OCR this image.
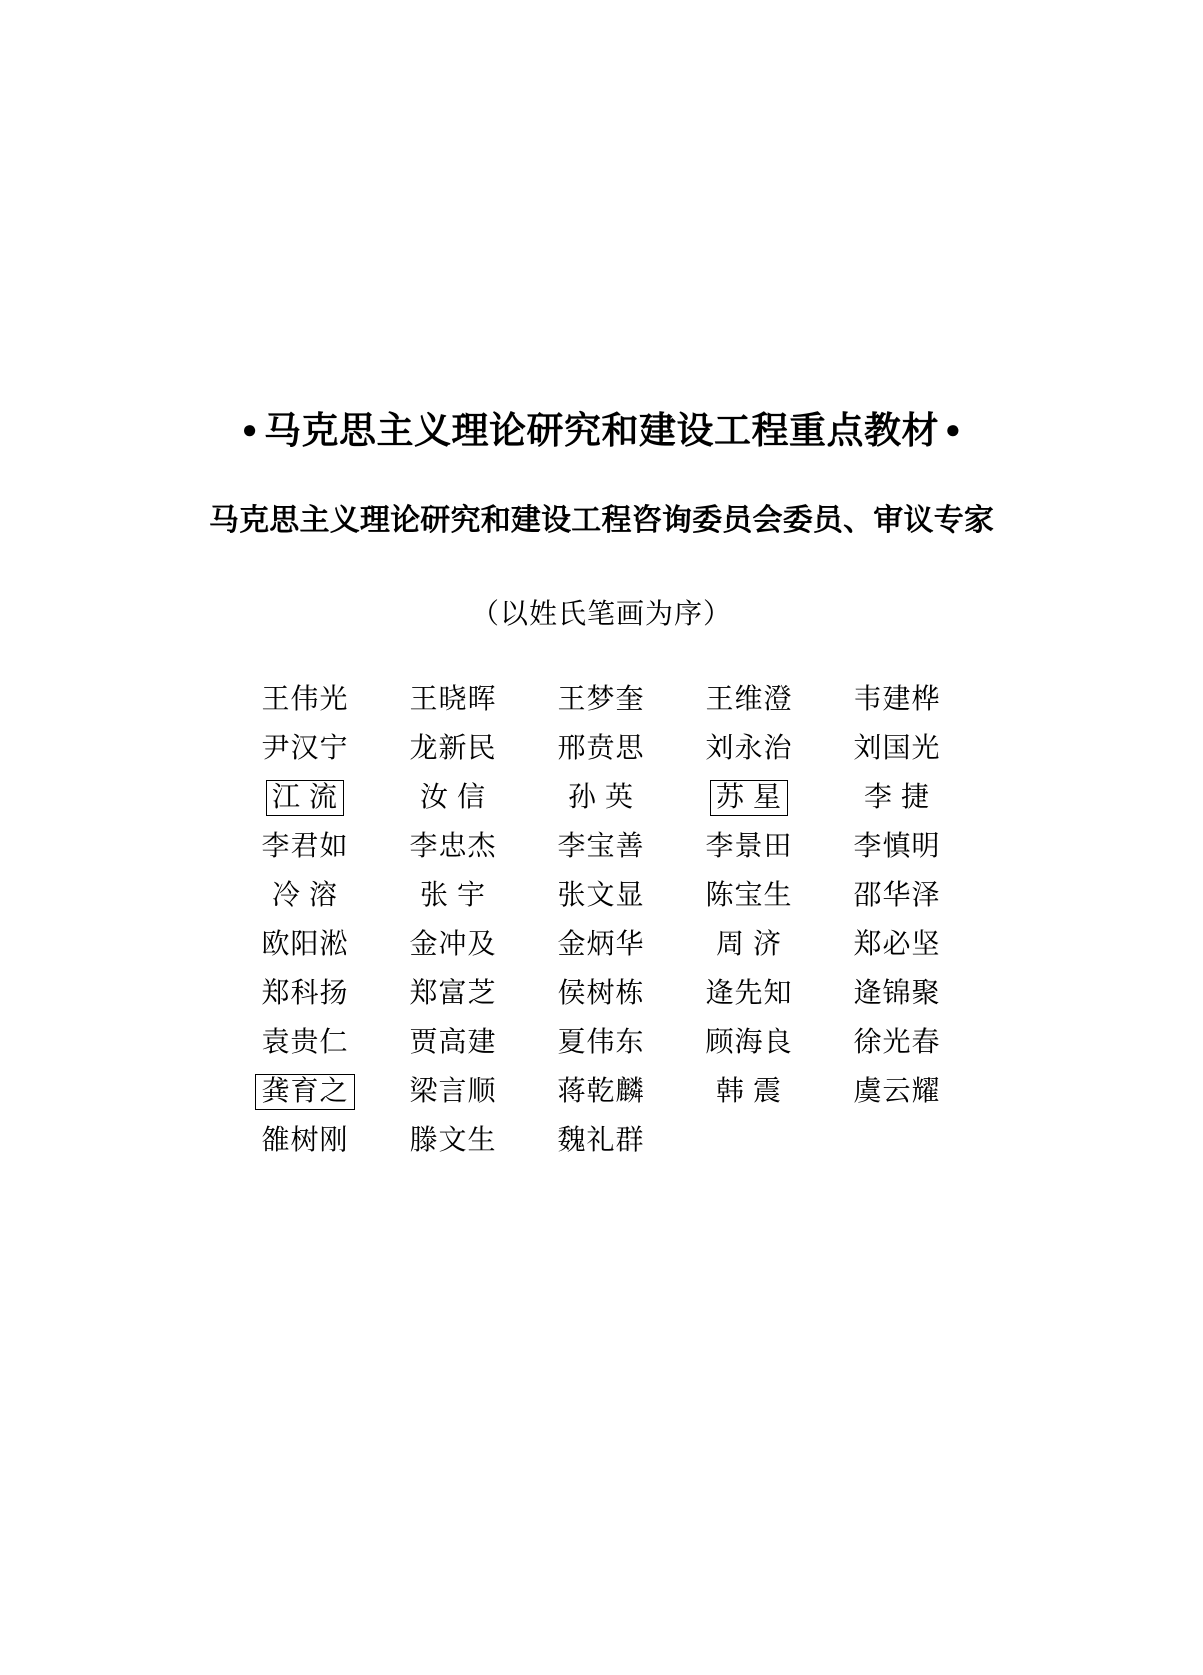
● 马克思主义理论研究和建设工程重点教材 ●
马克思主义理论研究和建设工程咨询委员会委员、审议专家
（以姓氏笔画为序）
王伟光	王晓晖	王梦奎	王维澄	韦建桦
尹汉宁	龙新民	邢贲思	刘永治	刘国光
江 流	汝 信	孙 英	苏 星	李 捷
李君如	李忠杰	李宝善	李景田	李慎明
冷 溶	张 宇	张文显	陈宝生	邵华泽
欧阳淞	金冲及	金炳华	周 济	郑必坚
郑科扬	郑富芝	侯树栋	逄先知	逄锦聚
袁贵仁	贾高建	夏伟东	顾海良	徐光春
龚育之	梁言顺	蒋乾麟	韩 震	虞云耀
雒树刚	滕文生	魏礼群
